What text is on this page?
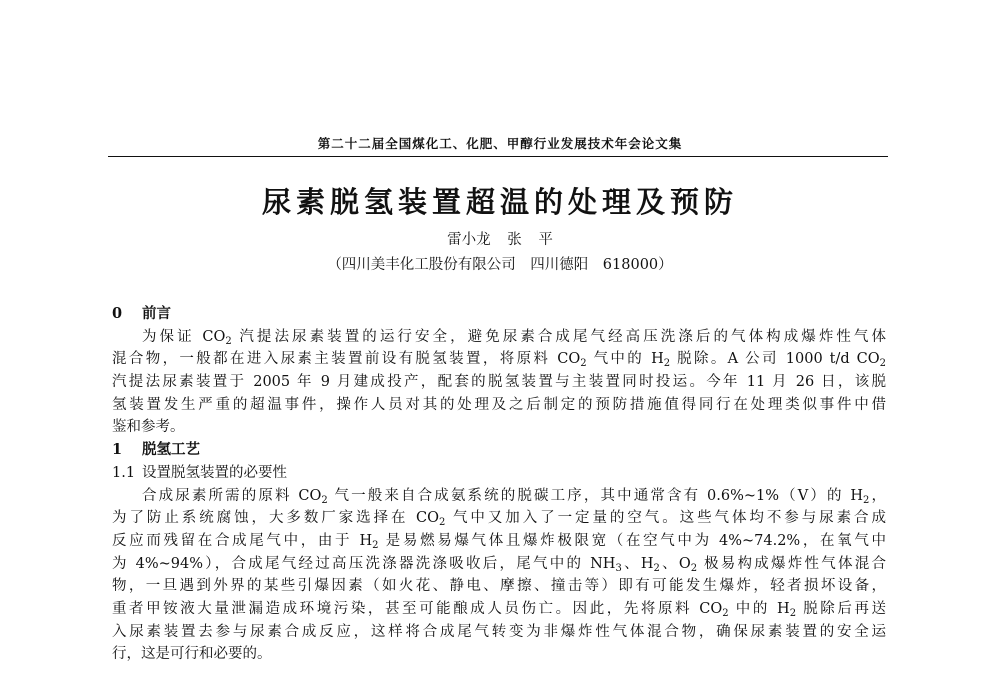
第二十二届全国煤化工、化肥、甲醇行业发展技术年会论文集
尿素脱氢装置超温的处理及预防
雷小龙 张 平
（四川美丰化工股份有限公司　四川德阳　618000）
0 前言
为保证 $CO_2$ 汽提法尿素装置的运行安全，避免尿素合成尾气经高压洗涤后的气体构成爆炸性气体
混合物，一般都在进入尿素主装置前设有脱氢装置，将原料 $CO_2$ 气中的 $H_2$ 脱除。A 公司 1000 t/d $CO_2$
汽提法尿素装置于 2005 年 9 月建成投产，配套的脱氢装置与主装置同时投运。今年 11 月 26 日，该脱
氢装置发生严重的超温事件，操作人员对其的处理及之后制定的预防措施值得同行在处理类似事件中借
鉴和参考。
1 脱氢工艺
1.1 设置脱氢装置的必要性
合成尿素所需的原料 $CO_2$ 气一般来自合成氨系统的脱碳工序，其中通常含有 0.6%~1%（V）的 $H_2$，
为了防止系统腐蚀，大多数厂家选择在 $CO_2$ 气中又加入了一定量的空气。这些气体均不参与尿素合成
反应而残留在合成尾气中，由于 $H_2$ 是易燃易爆气体且爆炸极限宽（在空气中为 4%~74.2%，在氧气中
为 4%~94%），合成尾气经过高压洗涤器洗涤吸收后，尾气中的 $NH_3$、$H_2$、$O_2$ 极易构成爆炸性气体混合
物，一旦遇到外界的某些引爆因素（如火花、静电、摩擦、撞击等）即有可能发生爆炸，轻者损坏设备，
重者甲铵液大量泄漏造成环境污染，甚至可能酿成人员伤亡。因此，先将原料 $CO_2$ 中的 $H_2$ 脱除后再送
入尿素装置去参与尿素合成反应，这样将合成尾气转变为非爆炸性气体混合物，确保尿素装置的安全运
行，这是可行和必要的。
